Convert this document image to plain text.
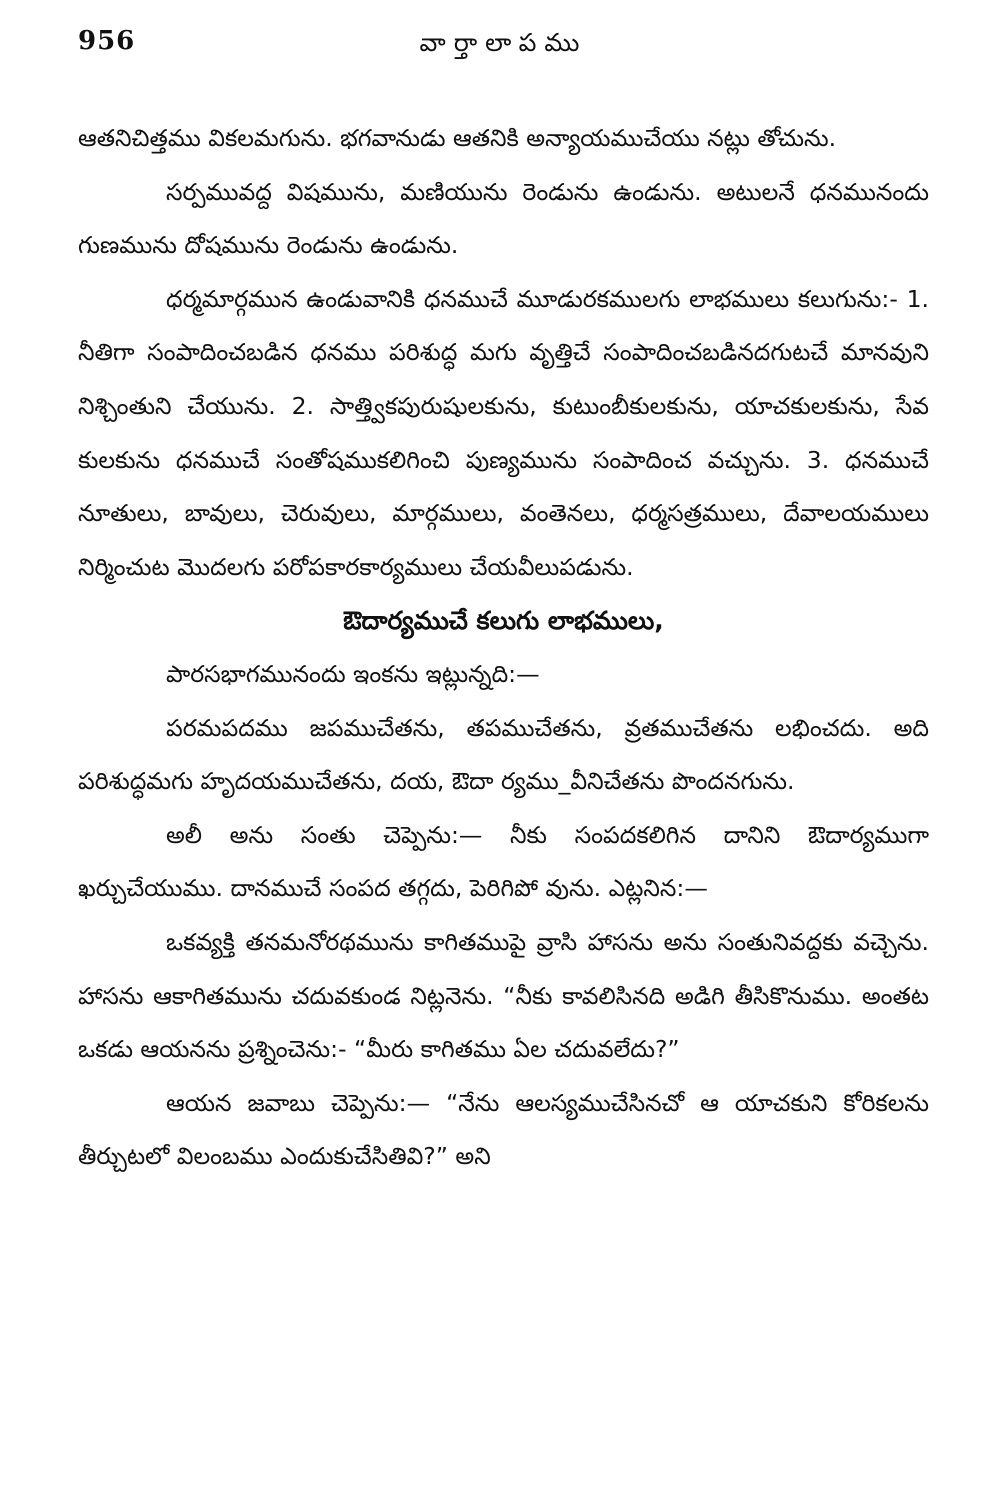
956	వార్తాలాపము

ఆతనిచిత్తము వికలమగును. భగవానుడు ఆతనికి అన్యాయముచేయు నట్లు తోచును.

సర్పమువద్ద విషమును, మణియును రెండును ఉండును. అటులనే ధనమునందు గుణమును దోషమును రెండును ఉండును.

ధర్మమార్గమున ఉండువానికి ధనముచే మూడురకములగు లాభములు కలుగును:- 1. నీతిగా సంపాదించబడిన ధనము పరిశుద్ధ మగు వృత్తిచే సంపాదించబడినదగుటచే మానవుని నిశ్చింతుని చేయును. 2. సాత్త్వికపురుషులకును, కుటుంబీకులకును, యాచకులకును, సేవ కులకును ధనముచే సంతోషముకలిగించి పుణ్యమును సంపాదించ వచ్చును. 3. ధనముచే నూతులు, బావులు, చెరువులు, మార్గములు, వంతెనలు, ధర్మసత్రములు, దేవాలయములు నిర్మించుట మొదలగు పరోపకారకార్యములు చేయవీలుపడును.

ఔదార్యముచే కలుగు లాభములు,

పారసభాగమునందు ఇంకను ఇట్లున్నది:—

పరమపదము జపముచేతను, తపముచేతను, వ్రతముచేతను లభించదు. అది పరిశుద్ధమగు హృదయముచేతను, దయ, ఔదా ర్యము_వీనిచేతను పొందనగును.

అలీ అను సంతు చెప్పెను:— నీకు సంపదకలిగిన దానిని ఔదార్యముగా ఖర్చుచేయుము. దానముచే సంపద తగ్గదు, పెరిగిపో వును. ఎట్లనిన:—

ఒకవ్యక్తి తనమనోరథమును కాగితముపై వ్రాసి హాసను అను సంతునివద్దకు వచ్చెను. హాసను ఆకాగితమును చదువకుండ నిట్లనెను. “నీకు కావలిసినది అడిగి తీసికొనుము. అంతట ఒకడు ఆయనను ప్రశ్నించెను:- “మీరు కాగితము ఏల చదువలేదు?”

ఆయన జవాబు చెప్పెను:— “నేను ఆలస్యముచేసినచో ఆ యాచకుని కోరికలను తీర్చుటలో విలంబము ఎందుకుచేసితివి?” అని
